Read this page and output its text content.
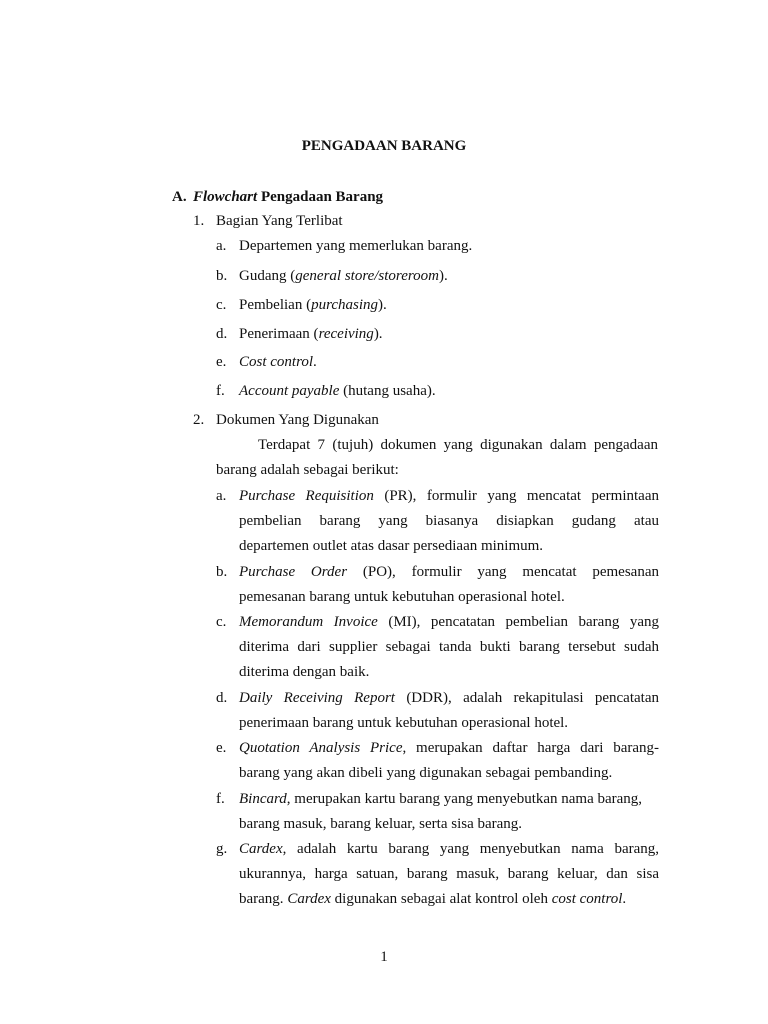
PENGADAAN BARANG
A. Flowchart Pengadaan Barang
1. Bagian Yang Terlibat
a. Departemen yang memerlukan barang.
b. Gudang (general store/storeroom).
c. Pembelian (purchasing).
d. Penerimaan (receiving).
e. Cost control.
f. Account payable (hutang usaha).
2. Dokumen Yang Digunakan
Terdapat 7 (tujuh) dokumen yang digunakan dalam pengadaan
barang adalah sebagai berikut:
a. Purchase Requisition (PR), formulir yang mencatat permintaan
pembelian barang yang biasanya disiapkan gudang atau
departemen outlet atas dasar persediaan minimum.
b. Purchase Order (PO), formulir yang mencatat pemesanan
pemesanan barang untuk kebutuhan operasional hotel.
c. Memorandum Invoice (MI), pencatatan pembelian barang yang
diterima dari supplier sebagai tanda bukti barang tersebut sudah
diterima dengan baik.
d. Daily Receiving Report (DDR), adalah rekapitulasi pencatatan
penerimaan barang untuk kebutuhan operasional hotel.
e. Quotation Analysis Price, merupakan daftar harga dari barang-
barang yang akan dibeli yang digunakan sebagai pembanding.
f. Bincard, merupakan kartu barang yang menyebutkan nama barang,
barang masuk, barang keluar, serta sisa barang.
g. Cardex, adalah kartu barang yang menyebutkan nama barang,
ukurannya, harga satuan, barang masuk, barang keluar, dan sisa
barang. Cardex digunakan sebagai alat kontrol oleh cost control.
1
